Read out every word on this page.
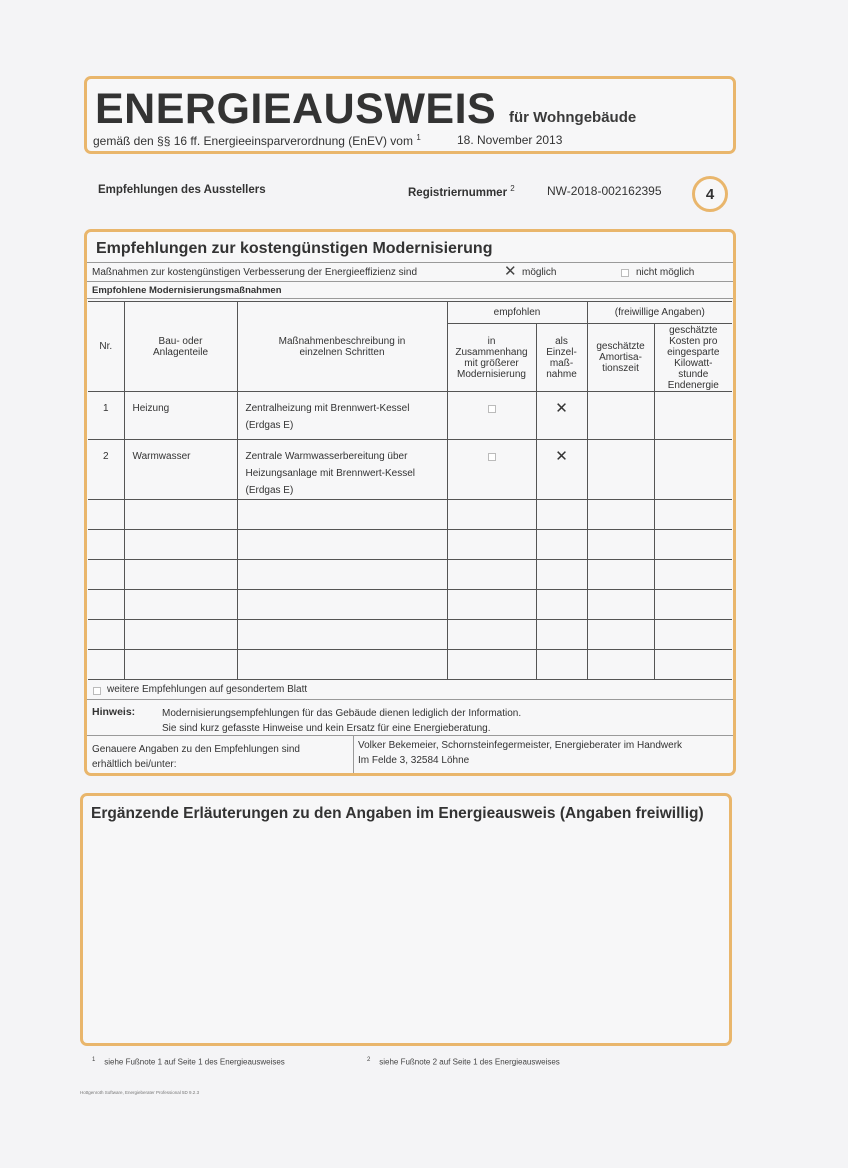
ENERGIEAUSWEIS für Wohngebäude
gemäß den §§ 16 ff. Energieeinsparverordnung (EnEV) vom $^1$	18. November 2013
Empfehlungen des Ausstellers	Registriernummer $^2$	NW-2018-002162395	4
Empfehlungen zur kostengünstigen Modernisierung
Maßnahmen zur kostengünstigen Verbesserung der Energieeffizienz sind	✕ möglich	nicht möglich
Empfohlene Modernisierungsmaßnahmen
Nr.	Bau- oder Anlagenteile	Maßnahmenbeschreibung in einzelnen Schritten	empfohlen		(freiwillige Angaben)	
			in Zusammenhang mit größerer Modernisierung	als Einzel- maß- nahme	geschätzte Amortisa- tionszeit	geschätzte Kosten pro eingesparte Kilowatt- stunde Endenergie
1	Heizung	Zentralheizung mit Brennwert-Kessel (Erdgas E)		✕		
2	Warmwasser	Zentrale Warmwasserbereitung über Heizungsanlage mit Brennwert-Kessel (Erdgas E)		✕		

weitere Empfehlungen auf gesondertem Blatt
Hinweis:	Modernisierungsempfehlungen für das Gebäude dienen lediglich der Information.
Sie sind kurz gefasste Hinweise und kein Ersatz für eine Energieberatung.
Genauere Angaben zu den Empfehlungen sind
erhältlich bei/unter:
Volker Bekemeier, Schornsteinfegermeister, Energieberater im Handwerk
Im Felde 3, 32584 Löhne
Ergänzende Erläuterungen zu den Angaben im Energieausweis (Angaben freiwillig)
$^1$ siehe Fußnote 1 auf Seite 1 des Energieausweises	$^2$ siehe Fußnote 2 auf Seite 1 des Energieausweises
Hottgenroth Software, Energieberater Professional 5D 9.2.3
